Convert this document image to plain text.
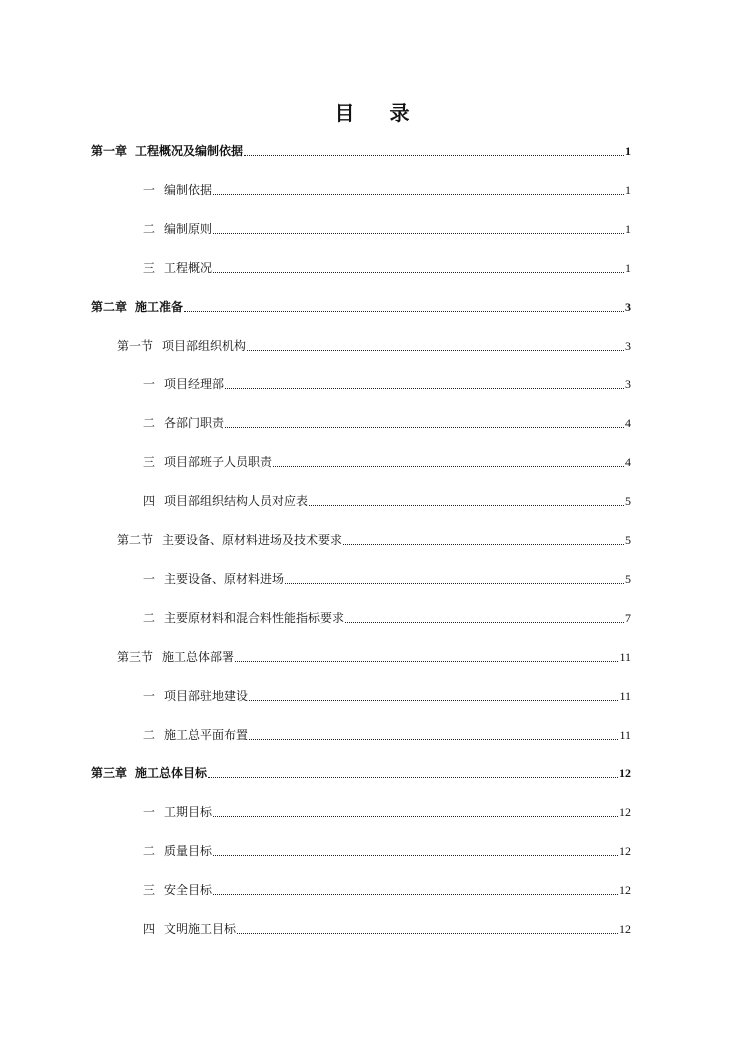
目 录
第一章 工程概况及编制依据	1
一 编制依据	1
二 编制原则	1
三 工程概况	1
第二章 施工准备	3
第一节 项目部组织机构	3
一 项目经理部	3
二 各部门职责	4
三 项目部班子人员职责	4
四 项目部组织结构人员对应表	5
第二节 主要设备、原材料进场及技术要求	5
一 主要设备、原材料进场	5
二 主要原材料和混合料性能指标要求	7
第三节 施工总体部署	11
一 项目部驻地建设	11
二 施工总平面布置	11
第三章 施工总体目标	12
一 工期目标	12
二 质量目标	12
三 安全目标	12
四 文明施工目标	12
